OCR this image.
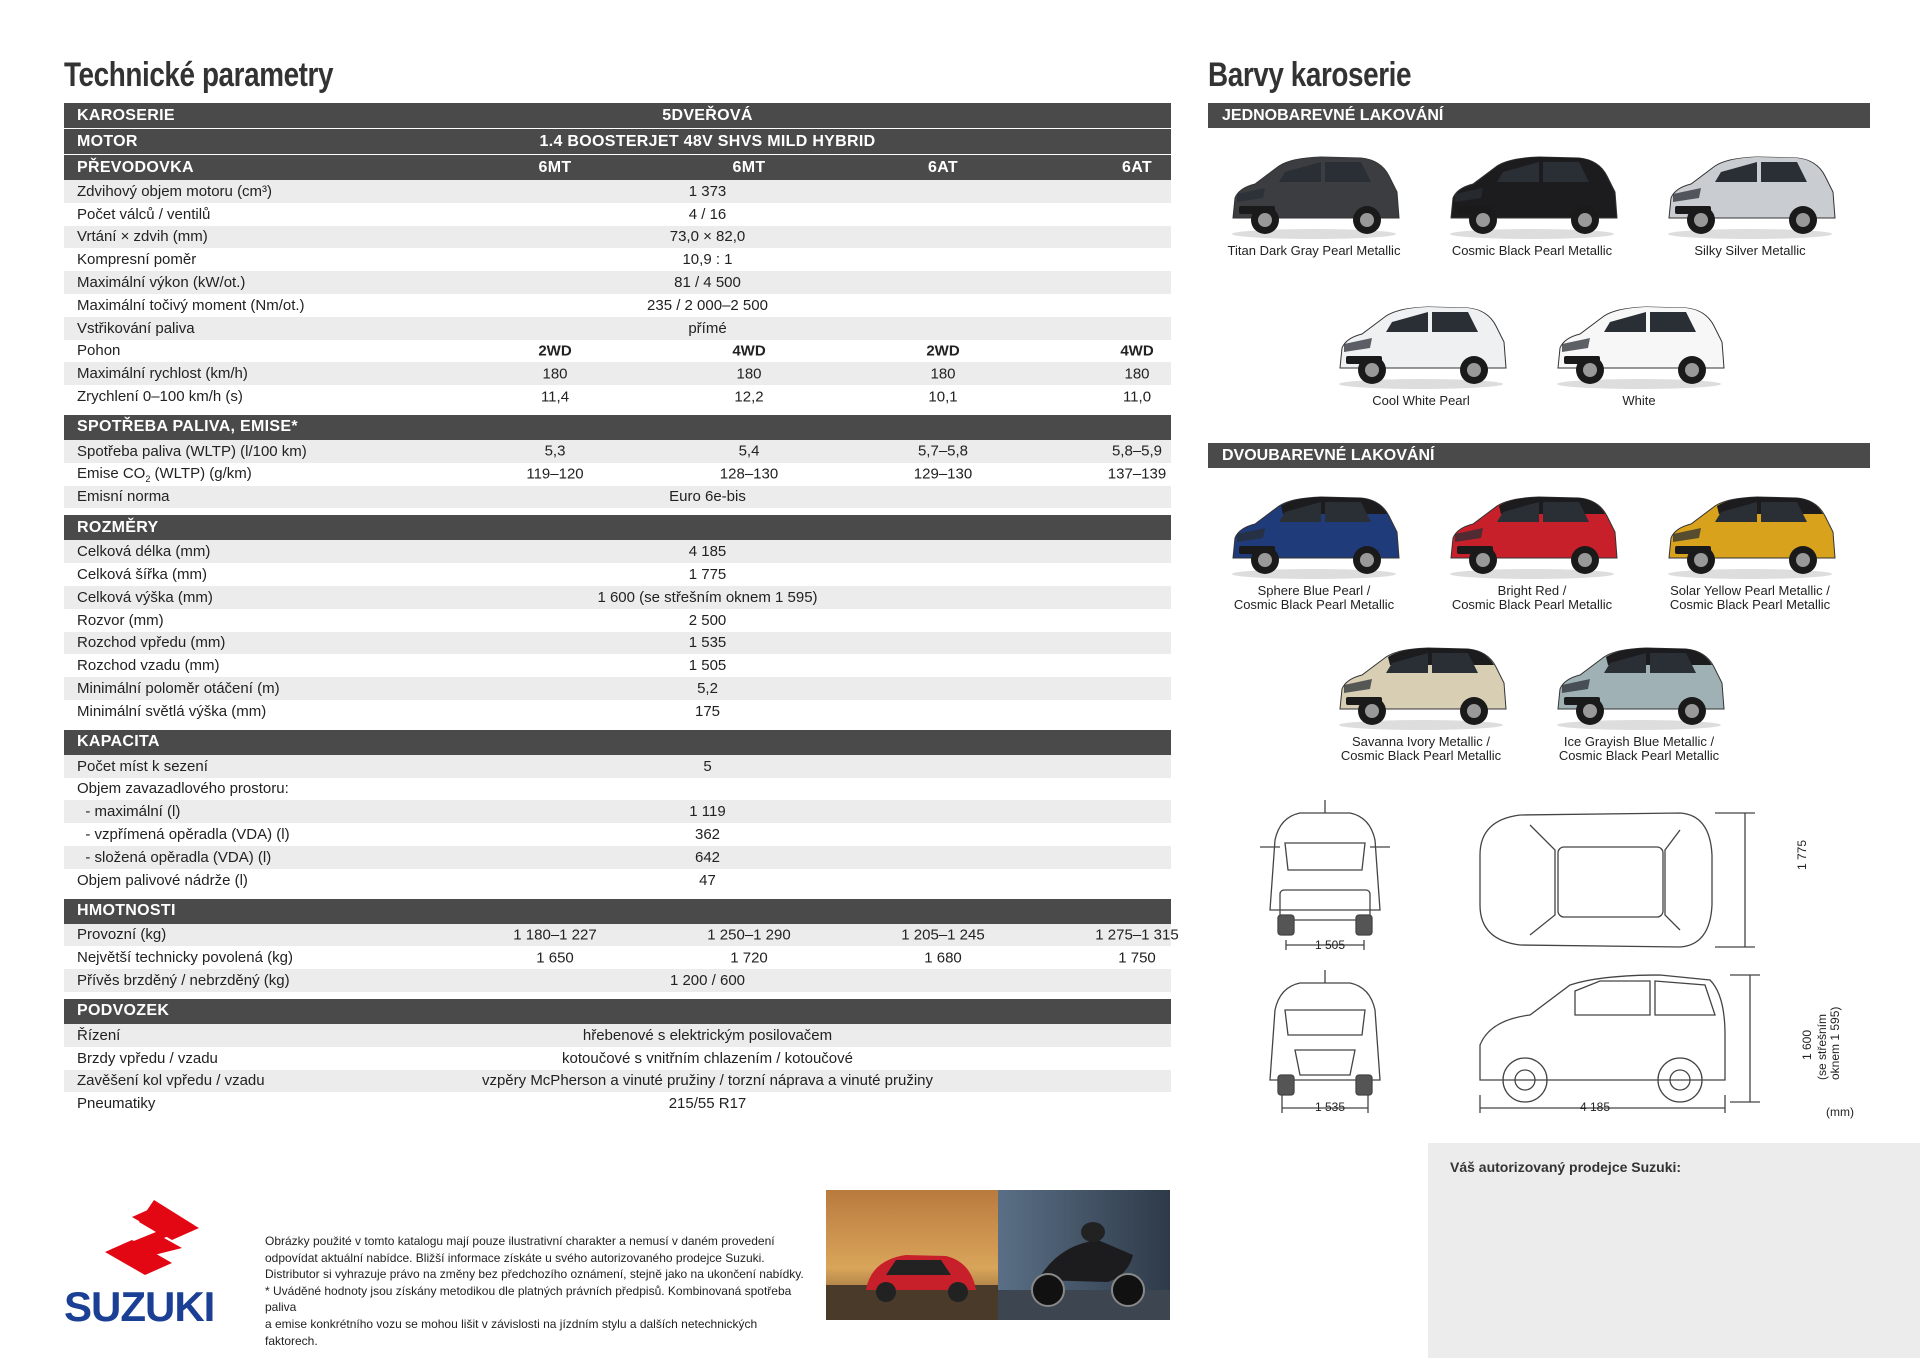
Technické parametry	Barvy karoserie
KAROSERIE	5DVEŘOVÁ
MOTOR	1.4 BOOSTERJET 48V SHVS MILD HYBRID
PŘEVODOVKA	6MT	6MT	6AT	6AT
Zdvihový objem motoru (cm³)	1 373
Počet válců / ventilů	4 / 16
Vrtání × zdvih (mm)	73,0 × 82,0
Kompresní poměr	10,9 : 1
Maximální výkon (kW/ot.)	81 / 4 500
Maximální točivý moment (Nm/ot.)	235 / 2 000–2 500
Vstřikování paliva	přímé
Pohon	2WD	4WD	2WD	4WD
Maximální rychlost (km/h)	180	180	180	180
Zrychlení 0–100 km/h (s)	11,4	12,2	10,1	11,0
SPOTŘEBA PALIVA, EMISE*
Spotřeba paliva (WLTP) (l/100 km)	5,3	5,4	5,7–5,8	5,8–5,9
Emise $CO_2$ (WLTP) (g/km)	119–120	128–130	129–130	137–139
Emisní norma	Euro 6e-bis
ROZMĚRY
Celková délka (mm)	4 185
Celková šířka (mm)	1 775
Celková výška (mm)	1 600 (se střešním oknem 1 595)
Rozvor (mm)	2 500
Rozchod vpředu (mm)	1 535
Rozchod vzadu (mm)	1 505
Minimální poloměr otáčení (m)	5,2
Minimální světlá výška (mm)	175
KAPACITA
Počet míst k sezení	5
Objem zavazadlového prostoru:
- maximální (l)	1 119
- vzpřímená opěradla (VDA) (l)	362
- složená opěradla (VDA) (l)	642
Objem palivové nádrže (l)	47
HMOTNOSTI
Provozní (kg)	1 180–1 227	1 250–1 290	1 205–1 245	1 275–1 315
Největší technicky povolená (kg)	1 650	1 720	1 680	1 750
Přívěs brzděný / nebrzděný (kg)	1 200 / 600
PODVOZEK
Řízení	hřebenové s elektrickým posilovačem
Brzdy vpředu / vzadu	kotoučové s vnitřním chlazením / kotoučové
Zavěšení kol vpředu / vzadu	vzpěry McPherson a vinuté pružiny / torzní náprava a vinuté pružiny
Pneumatiky	215/55 R17
JEDNOBAREVNÉ LAKOVÁNÍ
DVOUBAREVNÉ LAKOVÁNÍ
Titan Dark Gray Pearl Metallic	Cosmic Black Pearl Metallic	Silky Silver Metallic
Cool White Pearl	White
Sphere Blue Pearl /
Cosmic Black Pearl Metallic
Bright Red /
Cosmic Black Pearl Metallic
Solar Yellow Pearl Metallic /
Cosmic Black Pearl Metallic
Savanna Ivory Metallic /
Cosmic Black Pearl Metallic
Ice Grayish Blue Metallic /
Cosmic Black Pearl Metallic
1 505
1 535
1 775
4 185
1 600 (se střešním oknem 1 595)
(mm)
SUZUKI
Obrázky použité v tomto katalogu mají pouze ilustrativní charakter a nemusí v daném provedení
odpovídat aktuální nabídce. Bližší informace získáte u svého autorizovaného prodejce Suzuki.
Distributor si vyhrazuje právo na změny bez předchozího oznámení, stejně jako na ukončení nabídky.
* Uváděné hodnoty jsou získány metodikou dle platných právních předpisů. Kombinovaná spotřeba paliva
a emise konkrétního vozu se mohou lišit v závislosti na jízdním stylu a dalších netechnických faktorech.
Váš autorizovaný prodejce Suzuki:
